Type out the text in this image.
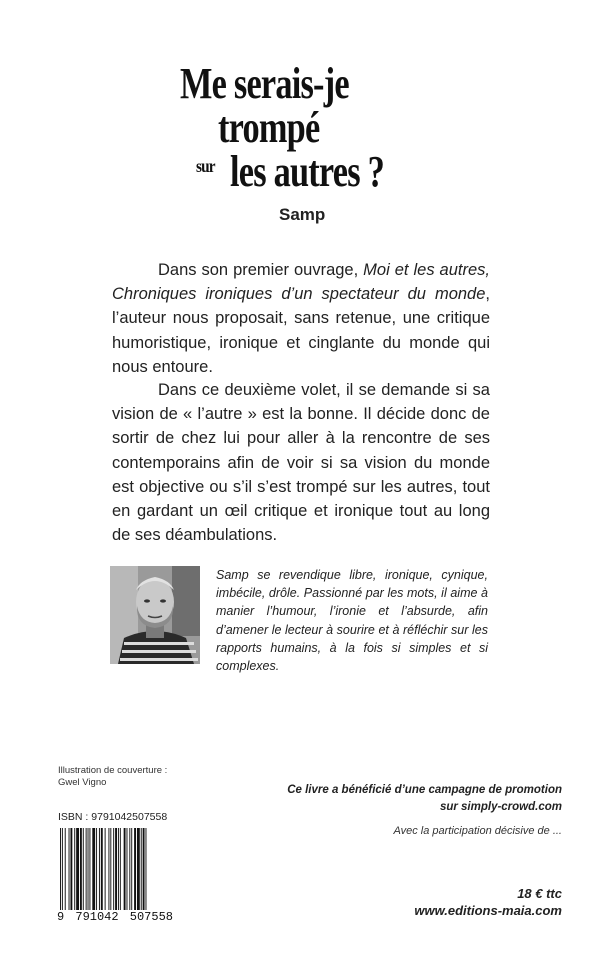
Me serais-je
trompé
sur les autres ?
Samp
Dans son premier ouvrage, Moi et les autres, Chroniques ironiques d’un spectateur du monde, l’auteur nous proposait, sans retenue, une critique humoristique, ironique et cinglante du monde qui nous entoure.
Dans ce deuxième volet, il se demande si sa vision de « l’autre » est la bonne. Il décide donc de sortir de chez lui pour aller à la rencontre de ses contemporains afin de voir si sa vision du monde est objective ou s’il s’est trompé sur les autres, tout en gardant un œil critique et ironique tout au long de ses déambulations.
Samp se revendique libre, ironique, cynique, imbécile, drôle. Passionné par les mots, il aime à manier l’humour, l’ironie et l’absurde, afin d’amener le lecteur à sourire et à réfléchir sur les rapports humains, à la fois si simples et si complexes.
Illustration de couverture :
Gwel Vigno
ISBN : 9791042507558
9 791042 507558
Ce livre a bénéficié d’une campagne de promotion
sur simply-crowd.com
Avec la participation décisive de ...
18 € ttc
www.editions-maia.com
